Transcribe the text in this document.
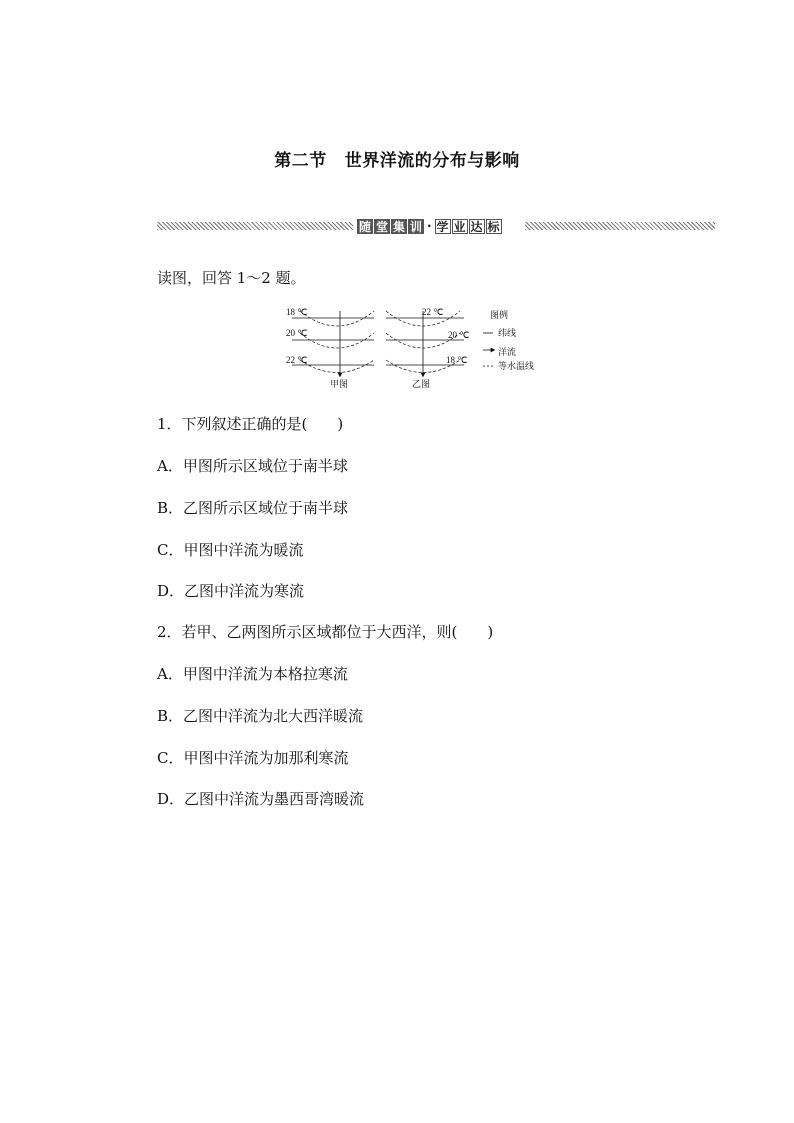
第二节 世界洋流的分布与影响
随 堂 集 训 · 学 业 达 标
读图，回答 1～2 题。
18 ℃
20 ℃
22 ℃
甲图
22 ℃
20 ℃
18 ℃
乙图
图例
纬线
洋流
等水温线
1．下列叙述正确的是(　　)
A．甲图所示区域位于南半球
B．乙图所示区域位于南半球
C．甲图中洋流为暖流
D．乙图中洋流为寒流
2．若甲、乙两图所示区域都位于大西洋，则(　　)
A．甲图中洋流为本格拉寒流
B．乙图中洋流为北大西洋暖流
C．甲图中洋流为加那利寒流
D．乙图中洋流为墨西哥湾暖流
